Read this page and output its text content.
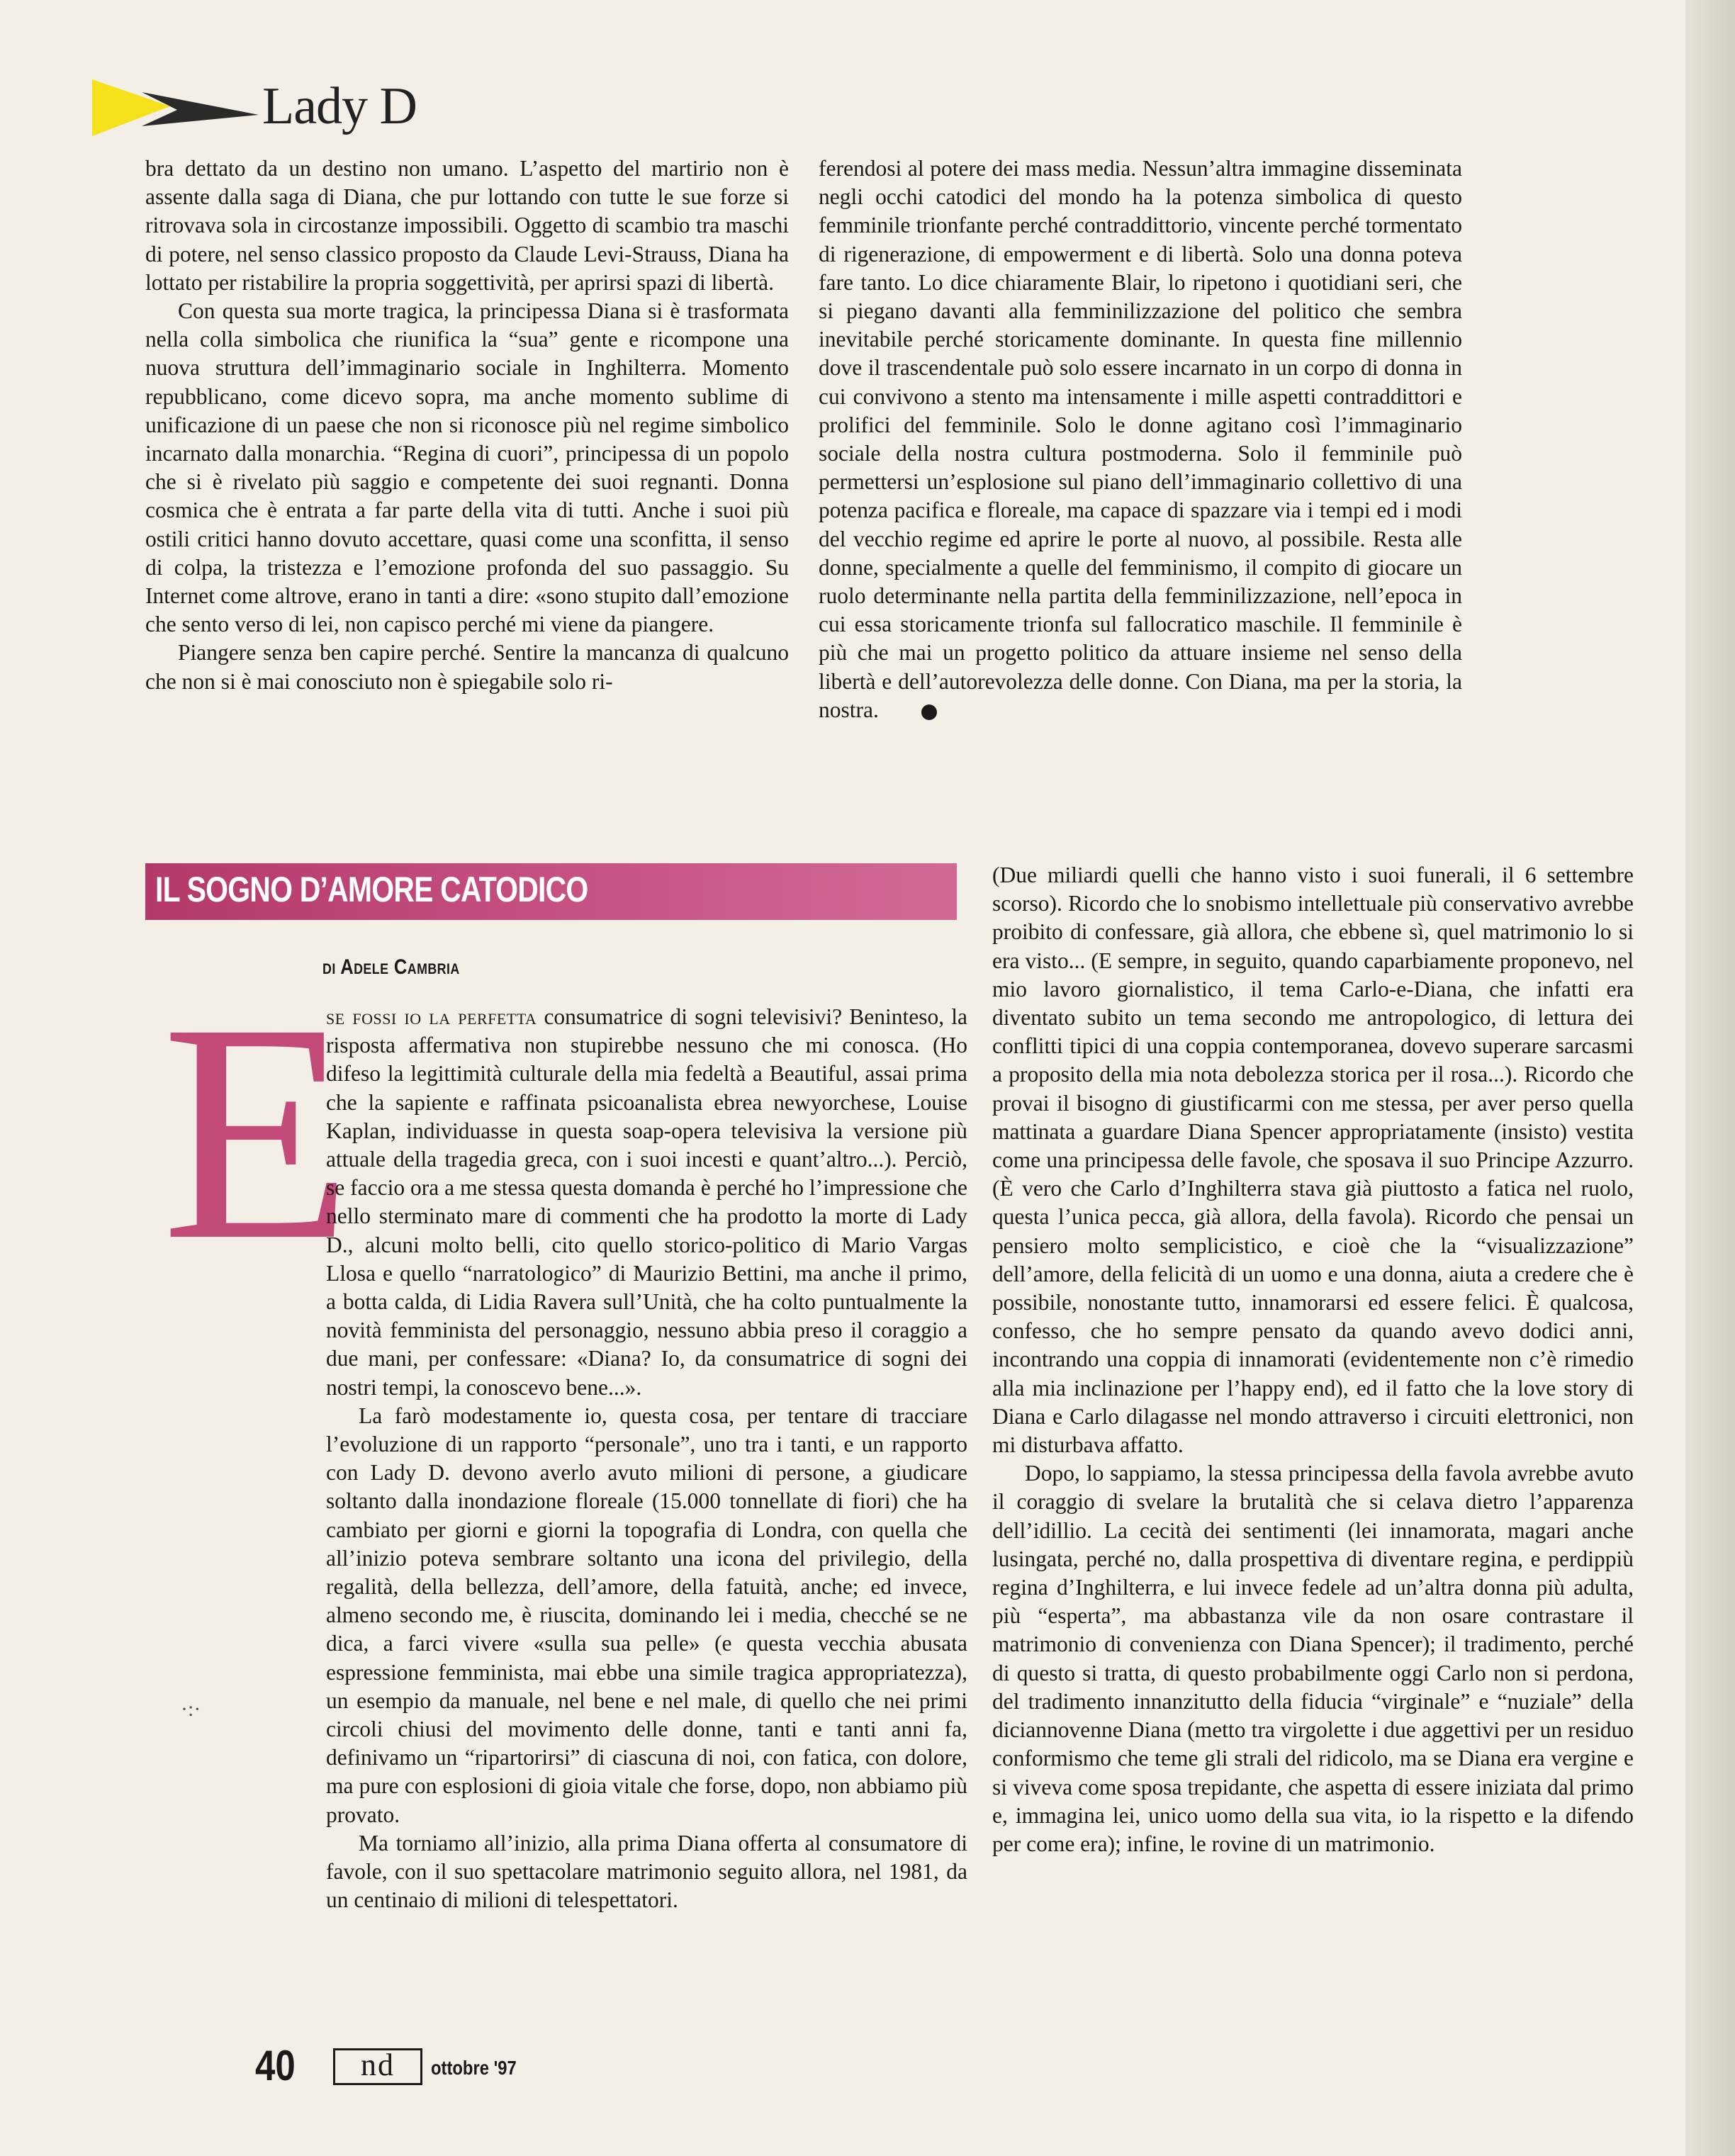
Lady D

bra dettato da un destino non umano. L’aspetto del martirio non è assente dalla saga di Diana, che pur lottando con tutte le sue forze si ritrovava sola in circostanze impossibili. Oggetto di scambio tra maschi di potere, nel senso classico proposto da Claude Levi-Strauss, Diana ha lottato per ristabilire la propria soggettività, per aprirsi spazi di libertà.

Con questa sua morte tragica, la principessa Diana si è trasformata nella colla simbolica che riunifica la “sua” gente e ricompone una nuova struttura dell’immaginario sociale in Inghilterra. Momento repubblicano, come dicevo sopra, ma anche momento sublime di unificazione di un paese che non si riconosce più nel regime simbolico incarnato dalla monarchia. “Regina di cuori”, principessa di un popolo che si è rivelato più saggio e competente dei suoi regnanti. Donna cosmica che è entrata a far parte della vita di tutti. Anche i suoi più ostili critici hanno dovuto accettare, quasi come una sconfitta, il senso di colpa, la tristezza e l’emozione profonda del suo passaggio. Su Internet come altrove, erano in tanti a dire: «sono stupito dall’emozione che sento verso di lei, non capisco perché mi viene da piangere.

Piangere senza ben capire perché. Sentire la mancanza di qualcuno che non si è mai conosciuto non è spiegabile solo ri-

ferendosi al potere dei mass media. Nessun’altra immagine disseminata negli occhi catodici del mondo ha la potenza simbolica di questo femminile trionfante perché contraddittorio, vincente perché tormentato di rigenerazione, di empowerment e di libertà. Solo una donna poteva fare tanto. Lo dice chiaramente Blair, lo ripetono i quotidiani seri, che si piegano davanti alla femminilizzazione del politico che sembra inevitabile perché storicamente dominante. In questa fine millennio dove il trascendentale può solo essere incarnato in un corpo di donna in cui convivono a stento ma intensamente i mille aspetti contraddittori e prolifici del femminile. Solo le donne agitano così l’immaginario sociale della nostra cultura postmoderna. Solo il femminile può permettersi un’esplosione sul piano dell’immaginario collettivo di una potenza pacifica e floreale, ma capace di spazzare via i tempi ed i modi del vecchio regime ed aprire le porte al nuovo, al possibile. Resta alle donne, specialmente a quelle del femminismo, il compito di giocare un ruolo determinante nella partita della femminilizzazione, nell’epoca in cui essa storicamente trionfa sul fallocratico maschile. Il femminile è più che mai un progetto politico da attuare insieme nel senso della libertà e dell’autorevolezza delle donne. Con Diana, ma per la storia, la nostra.

IL SOGNO D’AMORE CATODICO
di Adele Cambria
E

se fossi io la perfetta consumatrice di sogni televisivi? Beninteso, la risposta affermativa non stupirebbe nessuno che mi conosca. (Ho difeso la legittimità culturale della mia fedeltà a Beautiful, assai prima che la sapiente e raffinata psicoanalista ebrea newyorchese, Louise Kaplan, individuasse in questa soap-opera televisiva la versione più attuale della tragedia greca, con i suoi incesti e quant’altro...). Perciò, se faccio ora a me stessa questa domanda è perché ho l’impressione che nello sterminato mare di commenti che ha prodotto la morte di Lady D., alcuni molto belli, cito quello storico-politico di Mario Vargas Llosa e quello “narratologico” di Maurizio Bettini, ma anche il primo, a botta calda, di Lidia Ravera sull’Unità, che ha colto puntualmente la novità femminista del personaggio, nessuno abbia preso il coraggio a due mani, per confessare: «Diana? Io, da consumatrice di sogni dei nostri tempi, la conoscevo bene...».

La farò modestamente io, questa cosa, per tentare di tracciare l’evoluzione di un rapporto “personale”, uno tra i tanti, e un rapporto con Lady D. devono averlo avuto milioni di persone, a giudicare soltanto dalla inondazione floreale (15.000 tonnellate di fiori) che ha cambiato per giorni e giorni la topografia di Londra, con quella che all’inizio poteva sembrare soltanto una icona del privilegio, della regalità, della bellezza, dell’amore, della fatuità, anche; ed invece, almeno secondo me, è riuscita, dominando lei i media, checché se ne dica, a farci vivere «sulla sua pelle» (e questa vecchia abusata espressione femminista, mai ebbe una simile tragica appropriatezza), un esempio da manuale, nel bene e nel male, di quello che nei primi circoli chiusi del movimento delle donne, tanti e tanti anni fa, definivamo un “ripartorirsi” di ciascuna di noi, con fatica, con dolore, ma pure con esplosioni di gioia vitale che forse, dopo, non abbiamo più provato.

Ma torniamo all’inizio, alla prima Diana offerta al consumatore di favole, con il suo spettacolare matrimonio seguito allora, nel 1981, da un centinaio di milioni di telespettatori.

(Due miliardi quelli che hanno visto i suoi funerali, il 6 settembre scorso). Ricordo che lo snobismo intellettuale più conservativo avrebbe proibito di confessare, già allora, che ebbene sì, quel matrimonio lo si era visto... (E sempre, in seguito, quando caparbiamente proponevo, nel mio lavoro giornalistico, il tema Carlo-e-Diana, che infatti era diventato subito un tema secondo me antropologico, di lettura dei conflitti tipici di una coppia contemporanea, dovevo superare sarcasmi a proposito della mia nota debolezza storica per il rosa...). Ricordo che provai il bisogno di giustificarmi con me stessa, per aver perso quella mattinata a guardare Diana Spencer appropriatamente (insisto) vestita come una principessa delle favole, che sposava il suo Principe Azzurro. (È vero che Carlo d’Inghilterra stava già piuttosto a fatica nel ruolo, questa l’unica pecca, già allora, della favola). Ricordo che pensai un pensiero molto semplicistico, e cioè che la “visualizzazione” dell’amore, della felicità di un uomo e una donna, aiuta a credere che è possibile, nonostante tutto, innamorarsi ed essere felici. È qualcosa, confesso, che ho sempre pensato da quando avevo dodici anni, incontrando una coppia di innamorati (evidentemente non c’è rimedio alla mia inclinazione per l’happy end), ed il fatto che la love story di Diana e Carlo dilagasse nel mondo attraverso i circuiti elettronici, non mi disturbava affatto.

Dopo, lo sappiamo, la stessa principessa della favola avrebbe avuto il coraggio di svelare la brutalità che si celava dietro l’apparenza dell’idillio. La cecità dei sentimenti (lei innamorata, magari anche lusingata, perché no, dalla prospettiva di diventare regina, e perdippiù regina d’Inghilterra, e lui invece fedele ad un’altra donna più adulta, più “esperta”, ma abbastanza vile da non osare contrastare il matrimonio di convenienza con Diana Spencer); il tradimento, perché di questo si tratta, di questo probabilmente oggi Carlo non si perdona, del tradimento innanzitutto della fiducia “virginale” e “nuziale” della diciannovenne Diana (metto tra virgolette i due aggettivi per un residuo conformismo che teme gli strali del ridicolo, ma se Diana era vergine e si viveva come sposa trepidante, che aspetta di essere iniziata dal primo e, immagina lei, unico uomo della sua vita, io la rispetto e la difendo per come era); infine, le rovine di un matrimonio.

·:·
40	nd	ottobre '97
